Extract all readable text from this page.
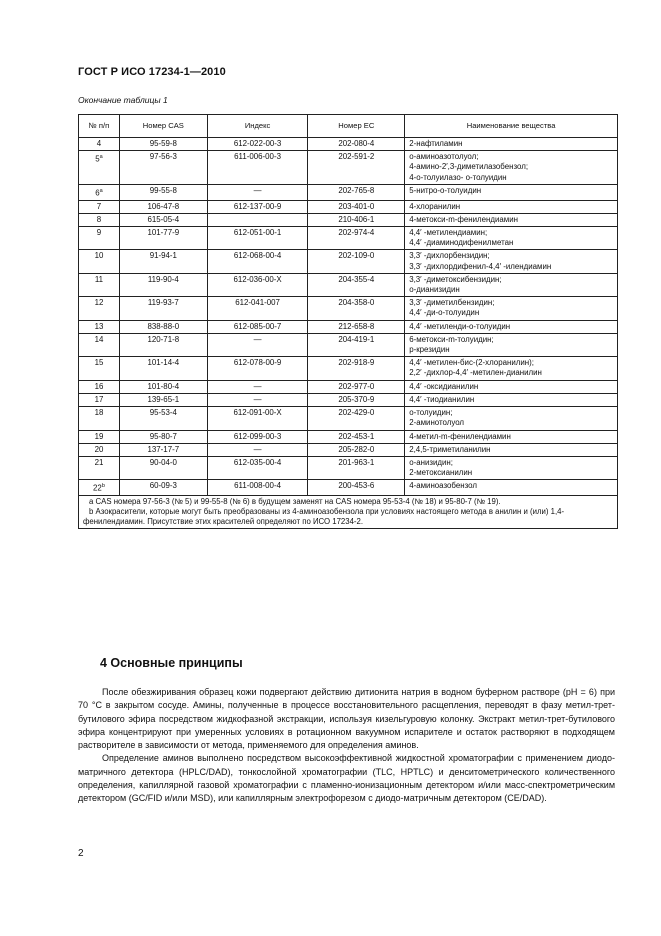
ГОСТ Р ИСО 17234-1—2010
Окончание таблицы 1
№ п/п	Номер CAS	Индекс	Номер ЕС	Наименование вещества
4	95-59-8	612-022-00-3	202-080-4	2-нафтиламин

5$^a$	97-56-3	611-006-00-3	202-591-2	о-аминоазотолуол;
4-амино-2′,3-диметилазобензол;
4-о-толуилазо- о-толуидин

6$^a$	99-55-8	—	202-765-8	5-нитро-о-толуидин

7	106-47-8	612-137-00-9	203-401-0	4-хлоранилин

8	615-05-4		210-406-1	4-метокси-m-фенилендиамин

9	101-77-9	612-051-00-1	202-974-4	4,4′ -метилендиамин;
4,4′ -диаминодифенилметан

10	91-94-1	612-068-00-4	202-109-0	3,3′ -дихлорбензидин;
3,3′ -дихлордифенил-4,4′ -илендиамин

11	119-90-4	612-036-00-X	204-355-4	3,3′ -диметоксибензидин;
о-дианизидин

12	119-93-7	612-041-007	204-358-0	3,3′ -диметилбензидин;
4,4′ -ди-о-толуидин

13	838-88-0	612-085-00-7	212-658-8	4,4′ -метиленди-о-толуидин

14	120-71-8	—	204-419-1	6-метокси-m-толуидин;
p-крезидин

15	101-14-4	612-078-00-9	202-918-9	4,4′ -метилен-бис-(2-хлоранилин);
2,2′ -дихлор-4,4′ -метилен-дианилин

16	101-80-4	—	202-977-0	4,4′ -оксидианилин

17	139-65-1	—	205-370-9	4,4′ -тиодианилин

18	95-53-4	612-091-00-X	202-429-0	о-толуидин;
2-аминотолуол

19	95-80-7	612-099-00-3	202-453-1	4-метил-m-фенилендиамин

20	137-17-7	—	205-282-0	2,4,5-триметиланилин

21	90-04-0	612-035-00-4	201-963-1	о-анизидин;
2-метоксианилин

22$^b$	60-09-3	611-008-00-4	200-453-6	4-аминоазобензол

a CAS номера 97-56-3 (№ 5) и 99-55-8 (№ 6) в будущем заменят на CAS номера 95-53-4 (№ 18) и 95-80-7 (№ 19).
b Азокрасители, которые могут быть преобразованы из 4-аминоазобензола при условиях настоящего метода в анилин и (или) 1,4-фенилендиамин. Присутствие этих красителей определяют по ИСО 17234-2.				
4 Основные принципы

После обезжиривания образец кожи подвергают действию дитионита натрия в водном буферном растворе (pH = 6) при 70 °С в закрытом сосуде. Амины, полученные в процессе восстановительного расщепления, переводят в фазу метил-трет-бутилового эфира посредством жидкофазной экстракции, используя кизельгуровую колонку. Экстракт метил-трет-бутилового эфира концентрируют при умеренных условиях в ротационном вакуумном испарителе и остаток растворяют в подходящем растворителе в зависимости от метода, применяемого для определения аминов.

Определение аминов выполнено посредством высокоэффективной жидкостной хроматографии с применением диодо-матричного детектора (HPLC/DAD), тонкослойной хроматографии (TLC, HPTLC) и денситометрического количественного определения, капиллярной газовой хроматографии с пламенно-ионизационным детектором и/или масс-спектрометрическим детектором (GC/FID и/или MSD), или капиллярным электрофорезом с диодо-матричным детектором (CE/DAD).

2
